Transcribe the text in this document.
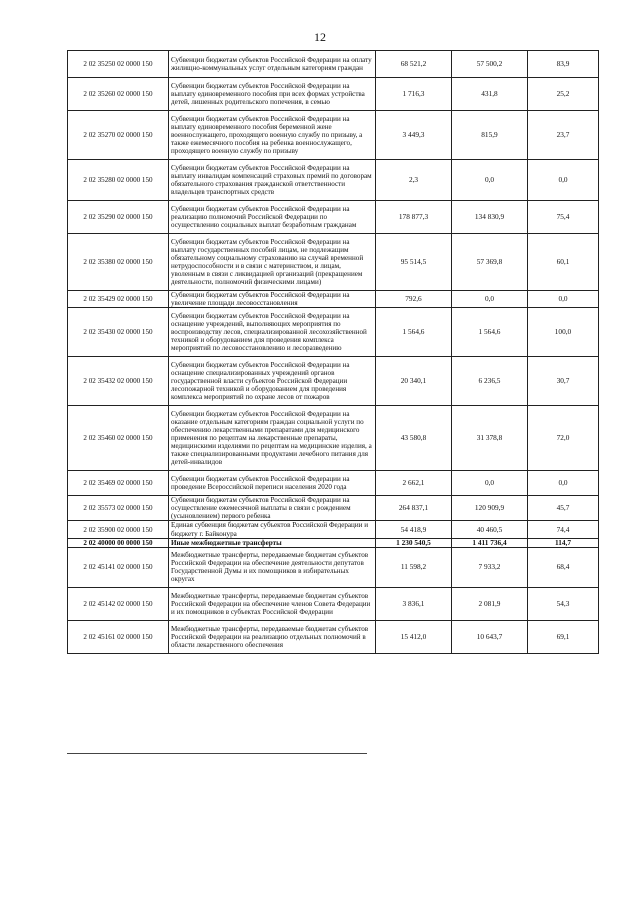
12
2 02 35250 02 0000 150	Субвенции бюджетам субъектов Российской Федерации на оплату жилищно-коммунальных услуг отдельным категориям граждан	68 521,2	57 500,2	83,9
2 02 35260 02 0000 150	Субвенции бюджетам субъектов Российской Федерации на выплату единовременного пособия при всех формах устройства детей, лишенных родительского попечения, в семью	1 716,3	431,8	25,2
2 02 35270 02 0000 150	Субвенции бюджетам субъектов Российской Федерации на выплату единовременного пособия беременной жене военнослужащего, проходящего военную службу по призыву, а также ежемесячного пособия на ребенка военнослужащего, проходящего военную службу по призыву	3 449,3	815,9	23,7
2 02 35280 02 0000 150	Субвенции бюджетам субъектов Российской Федерации на выплату инвалидам компенсаций страховых премий по договорам обязательного страхования гражданской ответственности владельцев транспортных средств	2,3	0,0	0,0
2 02 35290 02 0000 150	Субвенции бюджетам субъектов Российской Федерации на реализацию полномочий Российской Федерации по осуществлению социальных выплат безработным гражданам	178 877,3	134 830,9	75,4
2 02 35380 02 0000 150	Субвенции бюджетам субъектов Российской Федерации на выплату государственных пособий лицам, не подлежащим обязательному социальному страхованию на случай временной нетрудоспособности и в связи с материнством, и лицам, уволенным в связи с ликвидацией организаций (прекращением деятельности, полномочий физическими лицами)	95 514,5	57 369,8	60,1
2 02 35429 02 0000 150	Субвенции бюджетам субъектов Российской Федерации на увеличение площади лесовосстановления	792,6	0,0	0,0
2 02 35430 02 0000 150	Субвенции бюджетам субъектов Российской Федерации на оснащение учреждений, выполняющих мероприятия по воспроизводству лесов, специализированной лесохозяйственной техникой и оборудованием для проведения комплекса мероприятий по лесовосстановлению и лесоразведению	1 564,6	1 564,6	100,0
2 02 35432 02 0000 150	Субвенции бюджетам субъектов Российской Федерации на оснащение специализированных учреждений органов государственной власти субъектов Российской Федерации лесопожарной техникой и оборудованием для проведения комплекса мероприятий по охране лесов от пожаров	20 340,1	6 236,5	30,7
2 02 35460 02 0000 150	Субвенции бюджетам субъектов Российской Федерации на оказание отдельным категориям граждан социальной услуги по обеспечению лекарственными препаратами для медицинского применения по рецептам на лекарственные препараты, медицинскими изделиями по рецептам на медицинские изделия, а также специализированными продуктами лечебного питания для детей-инвалидов	43 580,8	31 378,8	72,0
2 02 35469 02 0000 150	Субвенции бюджетам субъектов Российской Федерации на проведение Всероссийской переписи населения 2020 года	2 662,1	0,0	0,0
2 02 35573 02 0000 150	Субвенции бюджетам субъектов Российской Федерации на осуществление ежемесячной выплаты в связи с рождением (усыновлением) первого ребенка	264 837,1	120 909,9	45,7
2 02 35900 02 0000 150	Единая субвенция бюджетам субъектов Российской Федерации и бюджету г. Байконура	54 418,9	40 460,5	74,4
2 02 40000 00 0000 150	Иные межбюджетные трансферты	1 230 540,5	1 411 736,4	114,7
2 02 45141 02 0000 150	Межбюджетные трансферты, передаваемые бюджетам субъектов Российской Федерации на обеспечение деятельности депутатов Государственной Думы и их помощников в избирательных округах	11 598,2	7 933,2	68,4
2 02 45142 02 0000 150	Межбюджетные трансферты, передаваемые бюджетам субъектов Российской Федерации на обеспечение членов Совета Федерации и их помощников в субъектах Российской Федерации	3 836,1	2 081,9	54,3
2 02 45161 02 0000 150	Межбюджетные трансферты, передаваемые бюджетам субъектов Российской Федерации на реализацию отдельных полномочий в области лекарственного обеспечения	15 412,0	10 643,7	69,1
